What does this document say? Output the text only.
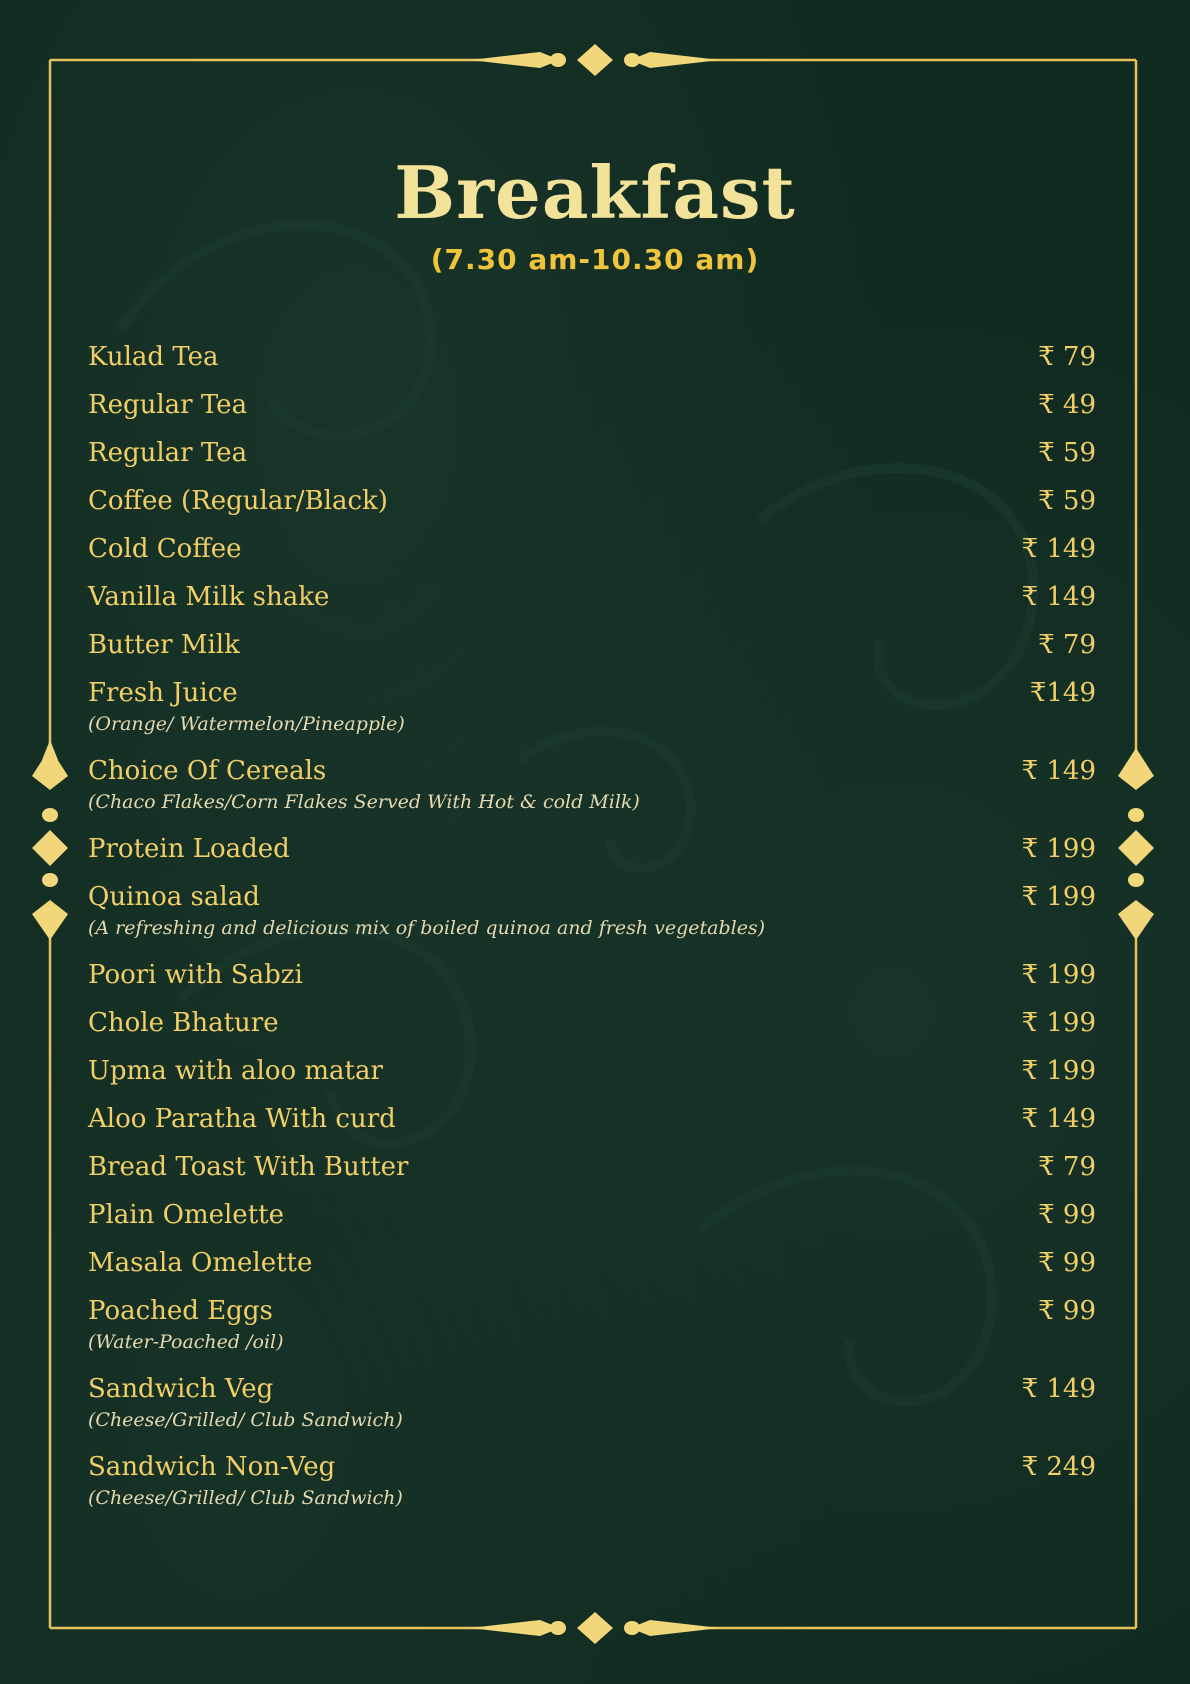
Breakfast
(7.30 am-10.30 am)
Kulad Tea	₹ 79
Regular Tea	₹ 49
Regular Tea	₹ 59
Coffee (Regular/Black)	₹ 59
Cold Coffee	₹ 149
Vanilla Milk shake	₹ 149
Butter Milk	₹ 79
Fresh Juice	₹149
(Orange/ Watermelon/Pineapple)
Choice Of Cereals	₹ 149
(Chaco Flakes/Corn Flakes Served With Hot & cold Milk)
Protein Loaded	₹ 199
Quinoa salad	₹ 199
(A refreshing and delicious mix of boiled quinoa and fresh vegetables)
Poori with Sabzi	₹ 199
Chole Bhature	₹ 199
Upma with aloo matar	₹ 199
Aloo Paratha With curd	₹ 149
Bread Toast With Butter	₹ 79
Plain Omelette	₹ 99
Masala Omelette	₹ 99
Poached Eggs	₹ 99
(Water-Poached /oil)
Sandwich Veg	₹ 149
(Cheese/Grilled/ Club Sandwich)
Sandwich Non-Veg	₹ 249
(Cheese/Grilled/ Club Sandwich)
